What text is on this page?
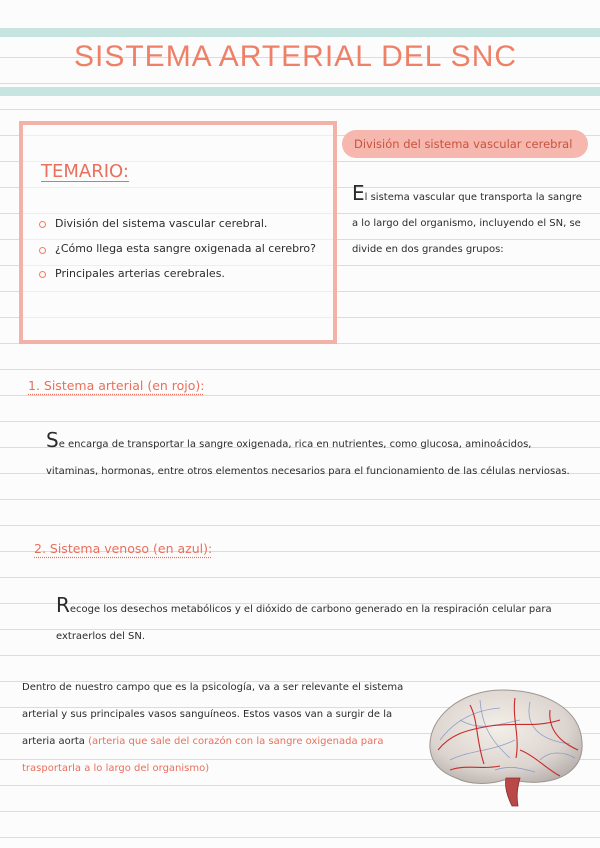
SISTEMA ARTERIAL DEL SNC
TEMARIO:
División del sistema vascular cerebral.
¿Cómo llega esta sangre oxigenada al cerebro?
Principales arterias cerebrales.
División del sistema vascular cerebral

El sistema vascular que transporta la sangre a lo largo del organismo, incluyendo el SN, se divide en dos grandes grupos:

1. Sistema arterial (en rojo):

Se encarga de transportar la sangre oxigenada, rica en nutrientes, como glucosa, aminoácidos, vitaminas, hormonas, entre otros elementos necesarios para el funcionamiento de las células nerviosas.

2. Sistema venoso (en azul):

Recoge los desechos metabólicos y el dióxido de carbono generado en la respiración celular para extraerlos del SN.

Dentro de nuestro campo que es la psicología, va a ser relevante el sistema arterial y sus principales vasos sanguíneos. Estos vasos van a surgir de la arteria aorta (arteria que sale del corazón con la sangre oxigenada para trasportarla a lo largo del organismo)
